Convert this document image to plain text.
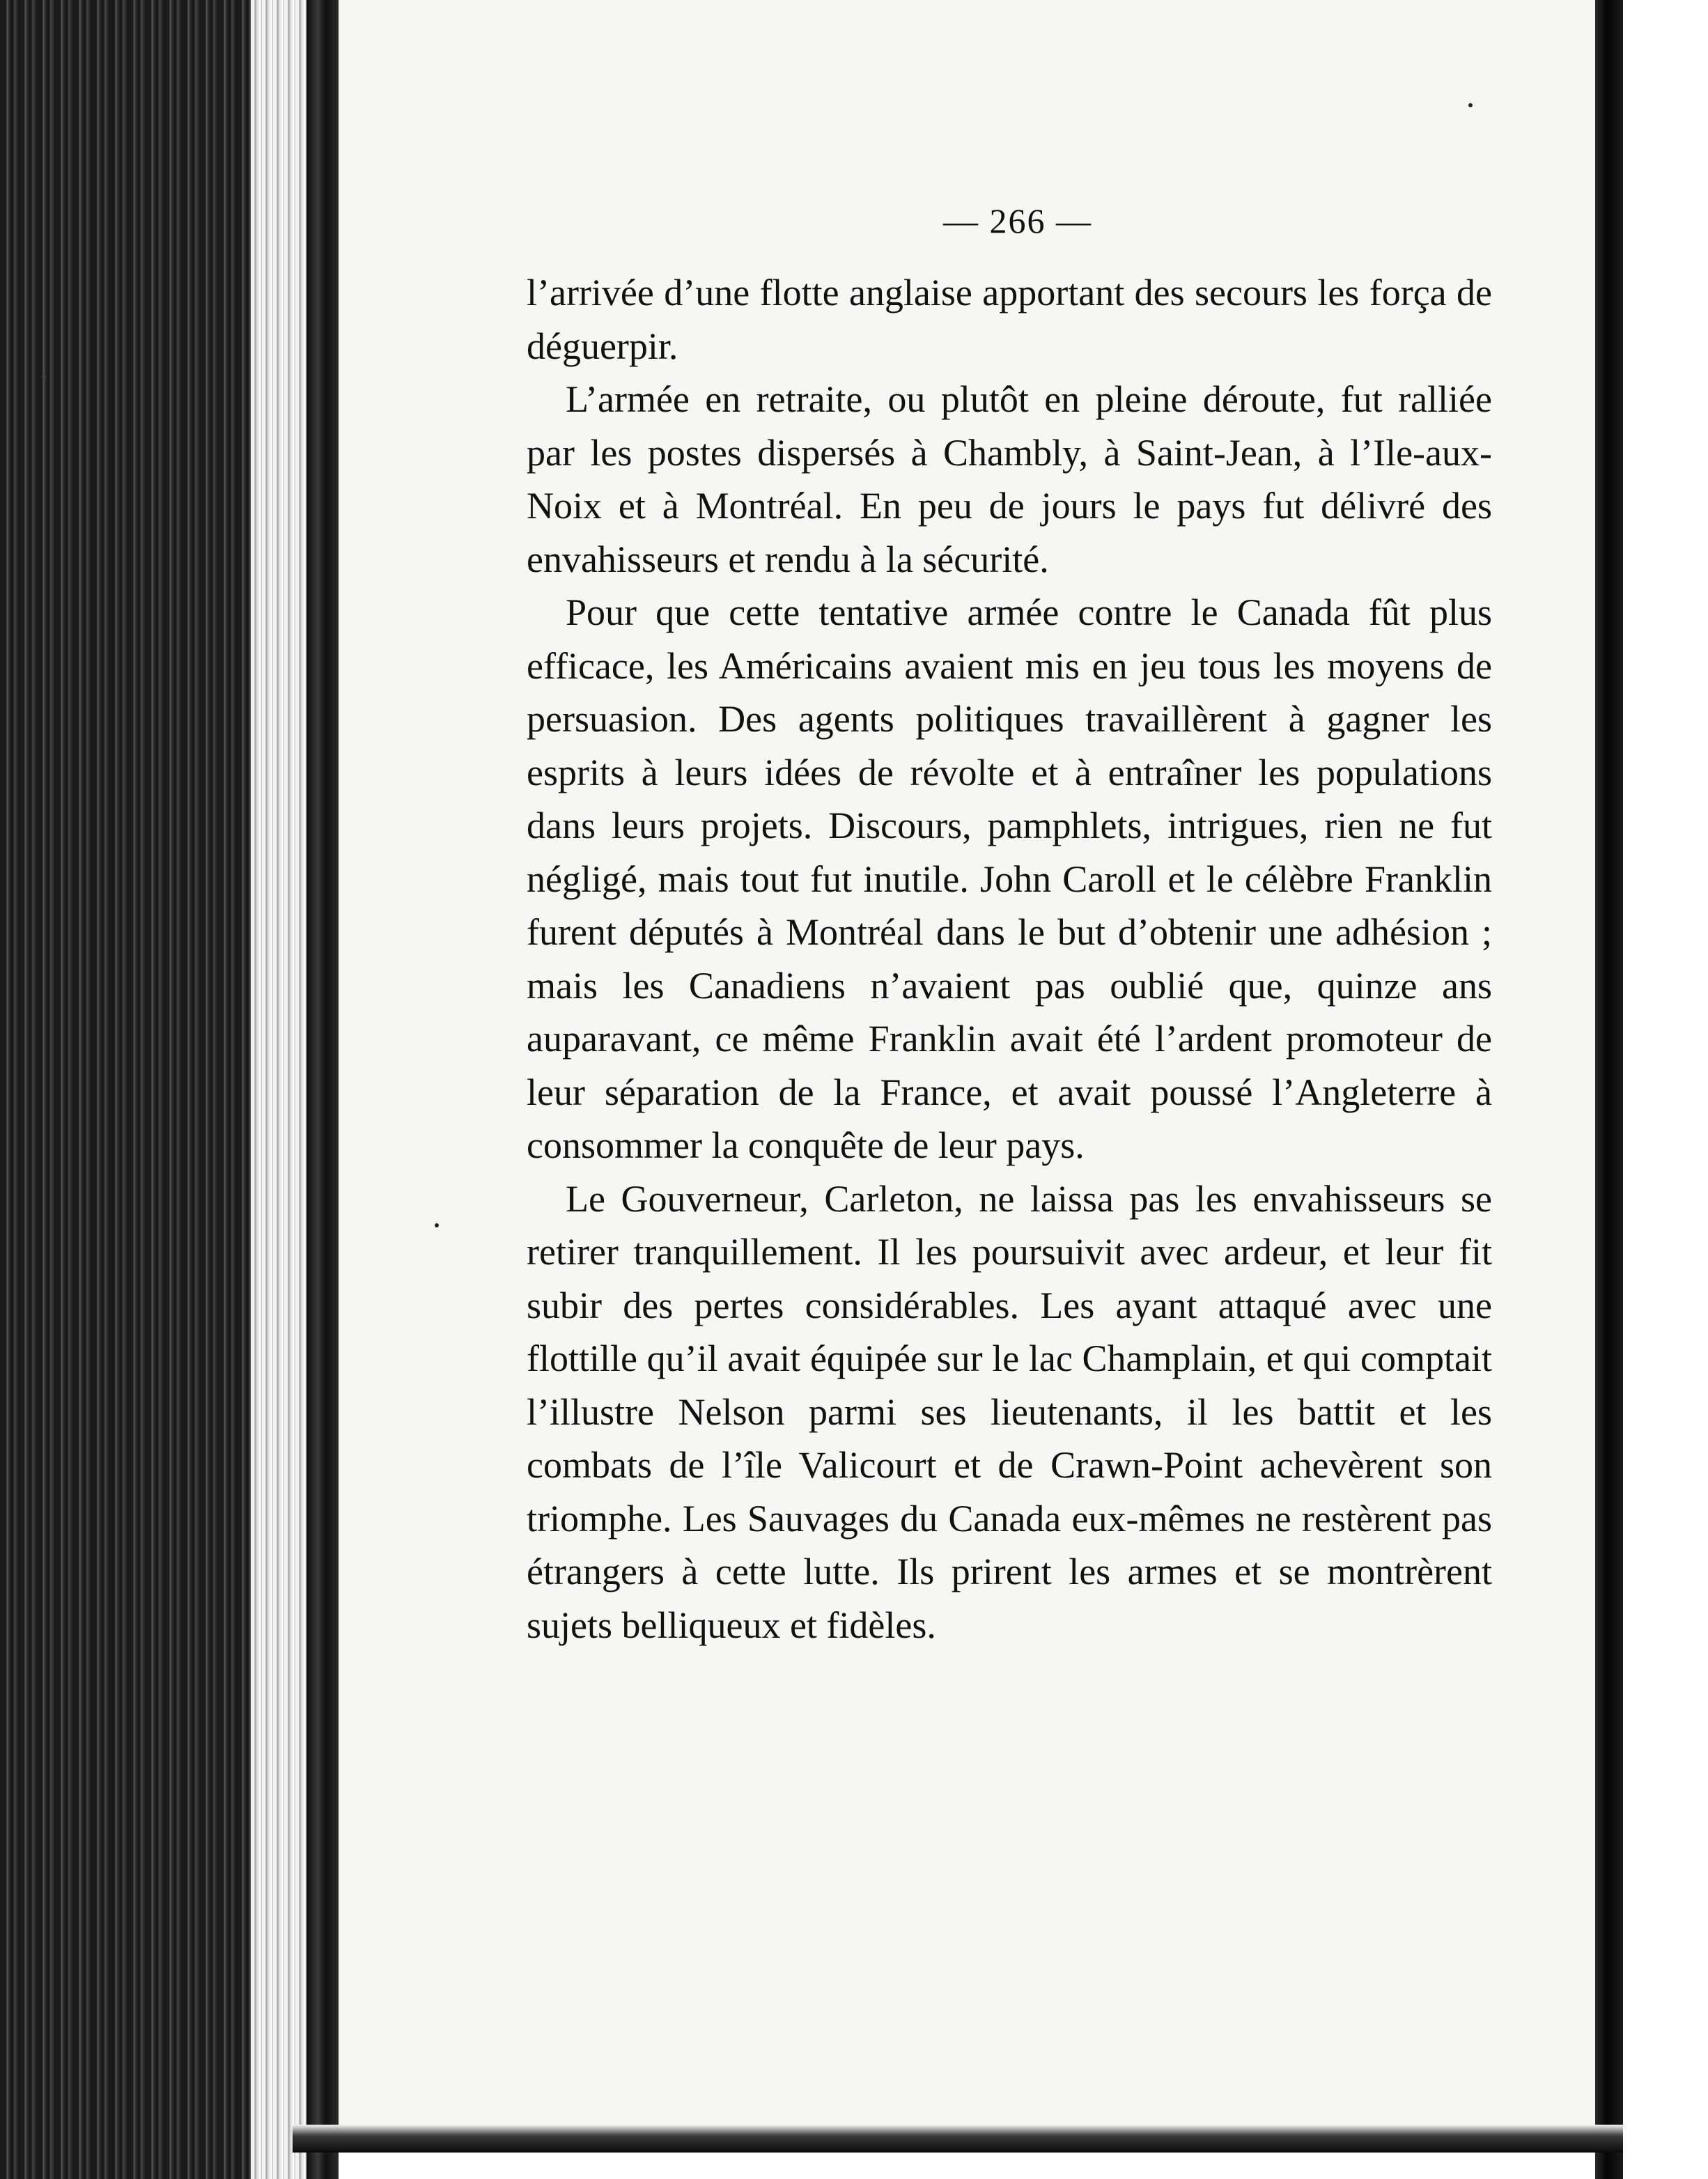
— 266 —

l’arrivée d’une flotte anglaise apportant des secours les força de déguerpir.

L’armée en retraite, ou plutôt en pleine déroute, fut ralliée par les postes dispersés à Chambly, à Saint-Jean, à l’Ile-aux-Noix et à Montréal. En peu de jours le pays fut délivré des envahisseurs et rendu à la sécurité.

Pour que cette tentative armée contre le Canada fût plus efficace, les Américains avaient mis en jeu tous les moyens de persuasion. Des agents politiques travaillèrent à gagner les esprits à leurs idées de révolte et à entraîner les populations dans leurs projets. Discours, pamphlets, intrigues, rien ne fut négligé, mais tout fut inutile. John Caroll et le célèbre Franklin furent députés à Montréal dans le but d’obtenir une adhésion ; mais les Canadiens n’avaient pas oublié que, quinze ans auparavant, ce même Franklin avait été l’ardent promoteur de leur séparation de la France, et avait poussé l’Angleterre à consommer la conquête de leur pays.

Le Gouverneur, Carleton, ne laissa pas les envahisseurs se retirer tranquillement. Il les poursuivit avec ardeur, et leur fit subir des pertes considérables. Les ayant attaqué avec une flottille qu’il avait équipée sur le lac Champlain, et qui comptait l’illustre Nelson parmi ses lieutenants, il les battit et les combats de l’île Valicourt et de Crawn-Point achevèrent son triomphe. Les Sauvages du Canada eux-mêmes ne restèrent pas étrangers à cette lutte. Ils prirent les armes et se montrèrent sujets belliqueux et fidèles.
